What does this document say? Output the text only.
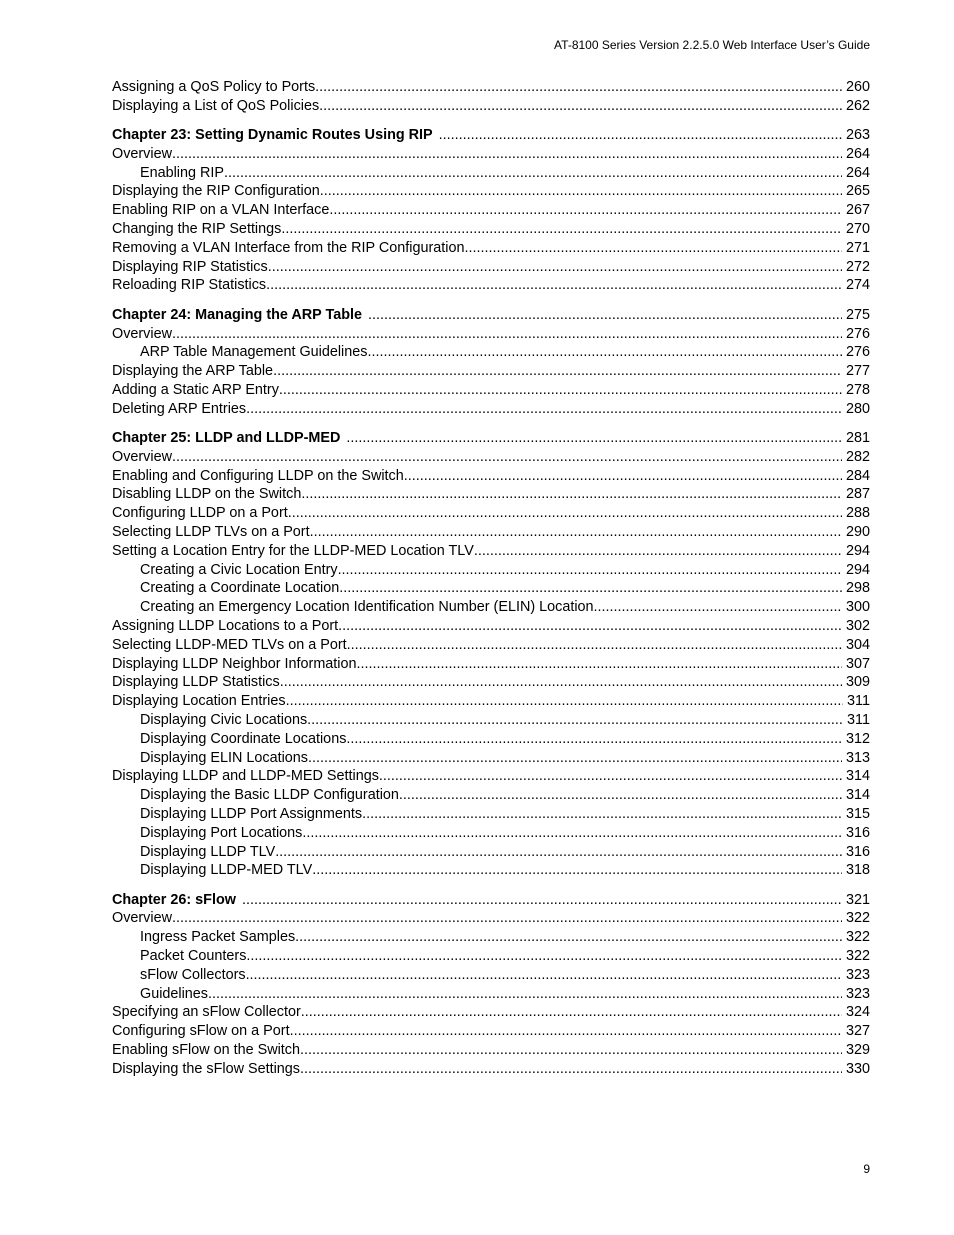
AT-8100 Series Version 2.2.5.0 Web Interface User’s Guide
Assigning a QoS Policy to Ports .....	260
Displaying a List of QoS Policies .....	262
Chapter 23: Setting Dynamic Routes Using RIP .....	263
Overview .....	264
Enabling RIP .....	264
Displaying the RIP Configuration .....	265
Enabling RIP on a VLAN Interface .....	267
Changing the RIP Settings .....	270
Removing a VLAN Interface from the RIP Configuration .....	271
Displaying RIP Statistics .....	272
Reloading RIP Statistics .....	274
Chapter 24: Managing the ARP Table .....	275
Overview .....	276
ARP Table Management Guidelines .....	276
Displaying the ARP Table .....	277
Adding a Static ARP Entry .....	278
Deleting ARP Entries .....	280
Chapter 25: LLDP and LLDP-MED .....	281
Overview .....	282
Enabling and Configuring LLDP on the Switch .....	284
Disabling LLDP on the Switch .....	287
Configuring LLDP on a Port .....	288
Selecting LLDP TLVs on a Port .....	290
Setting a Location Entry for the LLDP-MED Location TLV .....	294
Creating a Civic Location Entry .....	294
Creating a Coordinate Location .....	298
Creating an Emergency Location Identification Number (ELIN) Location .....	300
Assigning LLDP Locations to a Port .....	302
Selecting LLDP-MED TLVs on a Port .....	304
Displaying LLDP Neighbor Information .....	307
Displaying LLDP Statistics .....	309
Displaying Location Entries .....	311
Displaying Civic Locations .....	311
Displaying Coordinate Locations .....	312
Displaying ELIN Locations .....	313
Displaying LLDP and LLDP-MED Settings .....	314
Displaying the Basic LLDP Configuration .....	314
Displaying LLDP Port Assignments .....	315
Displaying Port Locations .....	316
Displaying LLDP TLV .....	316
Displaying LLDP-MED TLV .....	318
Chapter 26: sFlow .....	321
Overview .....	322
Ingress Packet Samples .....	322
Packet Counters .....	322
sFlow Collectors .....	323
Guidelines .....	323
Specifying an sFlow Collector .....	324
Configuring sFlow on a Port .....	327
Enabling sFlow on the Switch .....	329
Displaying the sFlow Settings .....	330
9
